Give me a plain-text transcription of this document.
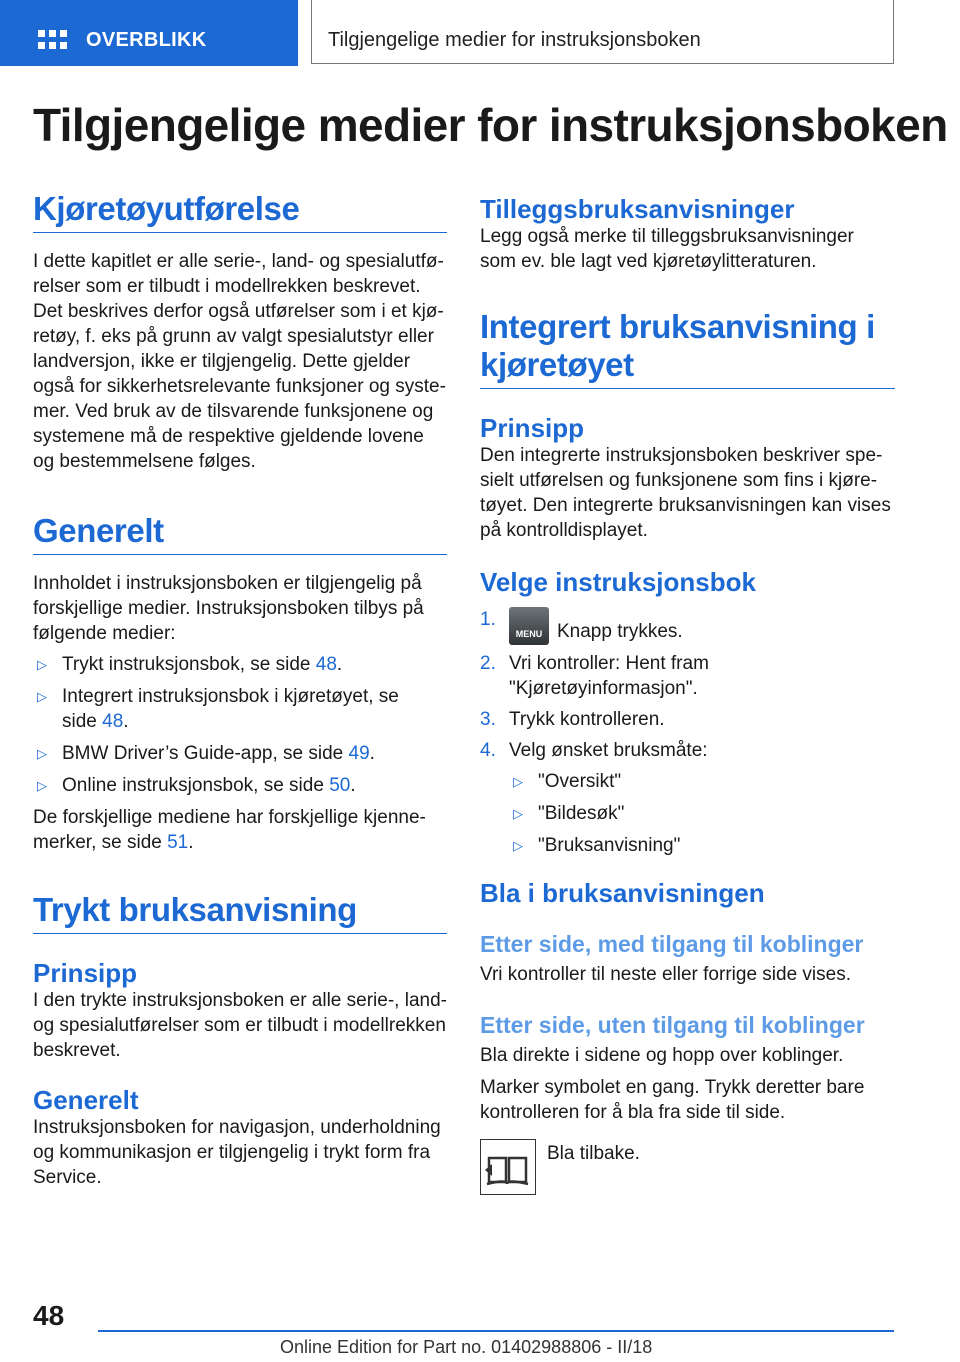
OVERBLIKK	Tilgjengelige medier for instruksjonsboken
Tilgjengelige medier for instruksjonsboken
Kjøretøyutførelse

I dette kapitlet er alle serie-, land- og spesialutfø-

relser som er tilbudt i modellrekken beskrevet.

Det beskrives derfor også utførelser som i et kjø-

retøy, f. eks på grunn av valgt spesialutstyr eller

landversjon, ikke er tilgjengelig. Dette gjelder

også for sikkerhetsrelevante funksjoner og syste-

mer. Ved bruk av de tilsvarende funksjonene og

systemene må de respektive gjeldende lovene

og bestemmelsene følges.

Generelt

Innholdet i instruksjonsboken er tilgjengelig på

forskjellige medier. Instruksjonsboken tilbys på

følgende medier:

▷ Trykt instruksjonsbok, se side 48.
▷ Integrert instruksjonsbok i kjøretøyet, se
side 48.
▷ BMW Driver’s Guide-app, se side 49.
▷ Online instruksjonsbok, se side 50.

De forskjellige mediene har forskjellige kjenne-

merker, se side 51.

Trykt bruksanvisning
Prinsipp

I den trykte instruksjonsboken er alle serie-, land-

og spesialutførelser som er tilbudt i modellrekken

beskrevet.

Generelt

Instruksjonsboken for navigasjon, underholdning

og kommunikasjon er tilgjengelig i trykt form fra

Service.

Tilleggsbruksanvisninger

Legg også merke til tilleggsbruksanvisninger

som ev. ble lagt ved kjøretøylitteraturen.

Integrert bruksanvisning i
kjøretøyet
Prinsipp

Den integrerte instruksjonsboken beskriver spe-

sielt utførelsen og funksjonene som fins i kjøre-

tøyet. Den integrerte bruksanvisningen kan vises

på kontrolldisplayet.

Velge instruksjonsbok
1.
MENU Knapp trykkes.
2. Vri kontroller: Hent fram
"Kjøretøyinformasjon".
3. Trykk kontrolleren.
4. Velg ønsket bruksmåte:
▷ "Oversikt"
▷ "Bildesøk"
▷ "Bruksanvisning"
Bla i bruksanvisningen
Etter side, med tilgang til koblinger

Vri kontroller til neste eller forrige side vises.

Etter side, uten tilgang til koblinger

Bla direkte i sidene og hopp over koblinger.

Marker symbolet en gang. Trykk deretter bare

kontrolleren for å bla fra side til side.

Bla tilbake.

48
Online Edition for Part no. 01402988806 - II/18
